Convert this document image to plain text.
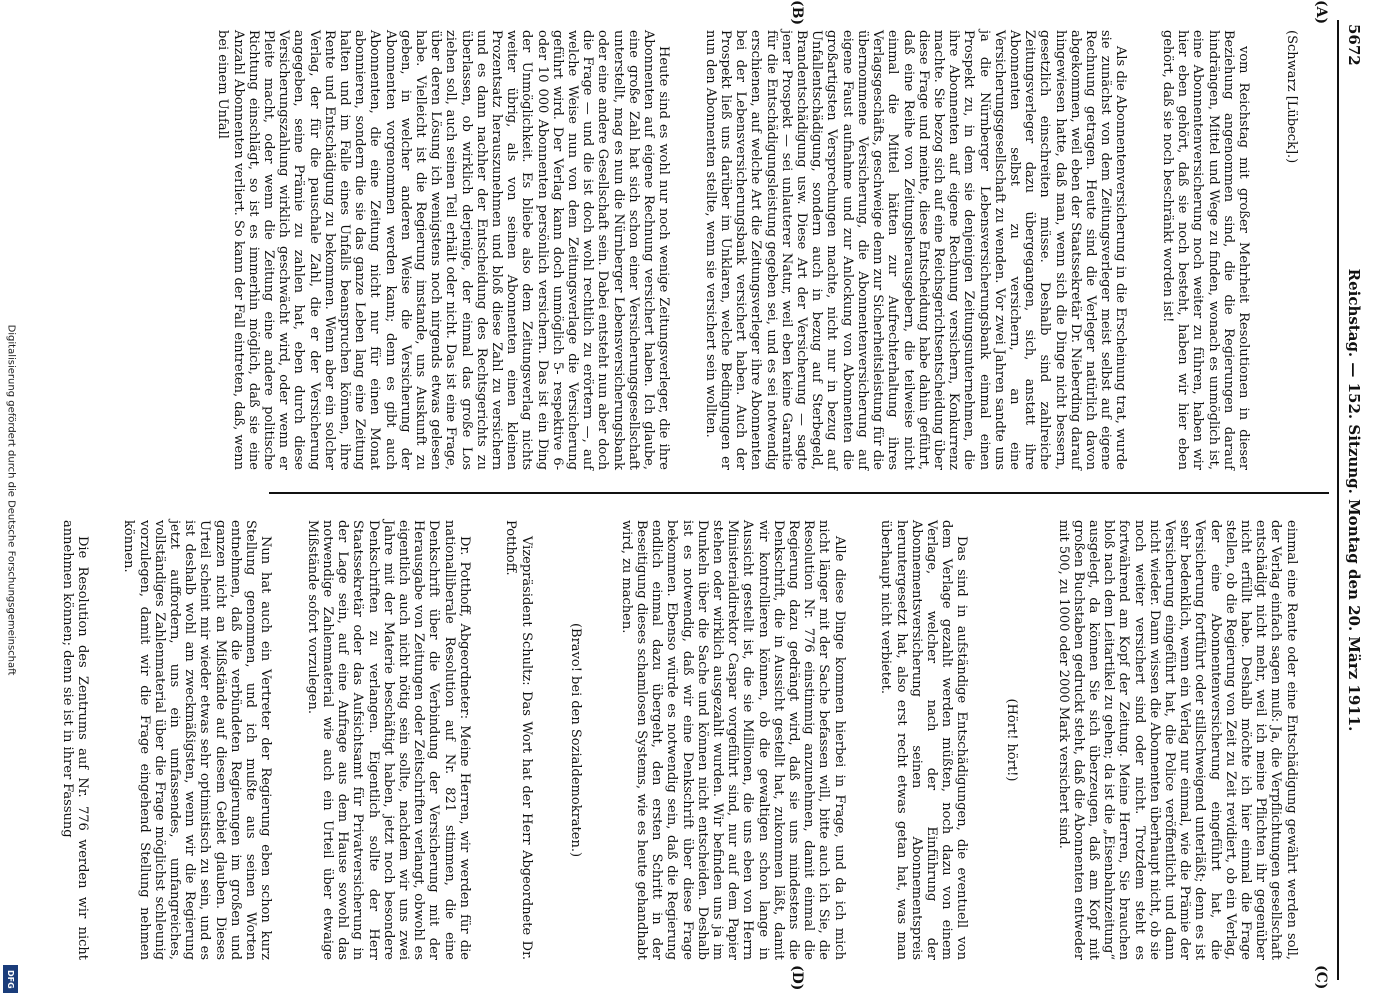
Digitalisierung gefördert durch die Deutsche Forschungsgemeinschaft
DFG
5672
Reichstag. — 152. Sitzung. Montag den 20. März 1911.
(A)
(B)
(C)
(D)

(Schwarz [Lübeck].)

vom Reichstag mit großer Mehrheit Resolutionen in dieser Beziehung angenommen sind, die die Regierungen darauf hindrängen, Mittel und Wege zu finden, wonach es unmöglich ist, eine Abonnentenversicherung noch weiter zu führen, haben wir hier eben gehört, daß sie noch besteht, haben wir hier eben gehört, daß sie noch beschränkt worden ist!

Als die Abonnentenversicherung in die Erscheinung trat, wurde sie zunächst von dem Zeitungsverleger meist selbst auf eigene Rechnung getragen. Heute sind die Verleger natürlich davon abgekommen, weil eben der Staatssekretär Dr. Nieberding darauf hingewiesen hatte, daß man, wenn sich die Dinge nicht bessern, gesetzlich einschreiten müsse. Deshalb sind zahlreiche Zeitungsverleger dazu übergegangen, sich, anstatt ihre Abonnenten selbst zu versichern, an eine Versicherungsgesellschaft zu wenden. Vor zwei Jahren sandte uns ja die Nürnberger Lebensversicherungsbank einmal einen Prospekt zu, in dem sie denjenigen Zeitungsunternehmen, die ihre Abonnenten auf eigene Rechnung versichern, Konkurrenz machte. Sie bezog sich auf eine Reichsgerichtsentscheidung über diese Frage und meinte, diese Entscheidung habe dahin geführt, daß eine Reihe von Zeitungsherausgebern, die teilweise nicht einmal die Mittel hätten zur Aufrechterhaltung ihres Verlagsgeschäfts, geschweige denn zur Sicherheitsleistung für die übernommene Versicherung, die Abonnentenversicherung auf eigene Faust aufnahme und zur Anlockung von Abonnenten die großartigsten Versprechungen machte, nicht nur in bezug auf Unfallentschädigung, sondern auch in bezug auf Sterbegeld, Brandentschädigung usw. Diese Art der Versicherung — sagte jener Prospekt — sei unlauterer Natur, weil eben keine Garantie für die Entschädigungsleistung gegeben sei, und es sei notwendig erschienen, auf welche Art die Zeitungsverleger ihre Abonnenten bei der Lebensversicherungsbank versichert haben. Auch der Prospekt ließ uns darüber im Unklaren, welche Bedingungen er nun den Abonnenten stellte, wenn sie versichert sein wollten.

Heute sind es wohl nur noch wenige Zeitungsverleger, die ihre Abonnenten auf eigene Rechnung versichert haben. Ich glaube, eine große Zahl hat sich schon einer Versicherungsgesellschaft unterstellt, mag es nun die Nürnberger Lebensversicherungsbank oder eine andere Gesellschaft sein. Dabei entsteht nun aber doch die Frage — und die ist doch wohl rechtlich zu erörtern —, auf welche Weise nun von dem Zeitungsverlage die Versicherung geführt wird. Der Verlag kann doch unmöglich 5- respektive 6- oder 10 000 Abonnenten persönlich versichern. Das ist ein Ding der Unmöglichkeit. Es bliebe also dem Zeitungsverlag nichts weiter übrig, als von seinen Abonnenten einen kleinen Prozentsatz herauszunehmen und bloß diese Zahl zu versichern und es dann nachher der Entscheidung des Rechtsgerichts zu überlassen, ob wirklich derjenige, der einmal das große Los ziehen soll, auch seinen Teil erhält oder nicht. Das ist eine Frage, über deren Lösung ich wenigstens noch nirgends etwas gelesen habe. Vielleicht ist die Regierung imstande, uns Auskunft zu geben, in welcher anderen Weise die Versicherung der Abonnenten vorgenommen werden kann; denn es gibt auch Abonnenten, die eine Zeitung nicht nur für einen Monat abonnieren, sondern die sie das ganze Leben lang eine Zeitung halten und im Falle eines Unfalls beanspruchen können, ihre Rente und Entschädigung zu bekommen. Wenn aber ein solcher Verlag, der für die pauschale Zahl, die er der Versicherung angegeben, seine Prämie zu zahlen hat, eben durch diese Versicherungszahlung wirklich geschwächt wird, oder wenn er Pleite macht, oder wenn die Zeitung eine andere politische Richtung einschlägt, so ist es immerhin möglich, daß sie eine Anzahl Abonnenten verliert. So kann der Fall eintreten, daß, wenn bei einem Unfall

einmal eine Rente oder eine Entschädigung gewährt werden soll, der Verlag einfach sagen muß: Ja, die Verpflichtungen gesellschaft entschädigt nicht mehr, weil ich meine Pflichten ihr gegenüber nicht erfüllt habe. Deshalb möchte ich hier einmal die Frage stellen, ob die Regierung von Zeit zu Zeit revidiert, ob ein Verlag, der eine Abonnentenversicherung eingeführt hat, die Versicherung fortführt oder stillschweigend unterläßt; denn es ist sehr bedenklich, wenn ein Verlag nur einmal, wie die Prämie der Versicherung eingeführt hat, die Police veröffentlicht und dann nicht wieder. Dann wissen die Abonnenten überhaupt nicht, ob sie noch weiter versichert sind oder nicht. Trotzdem steht es fortwährend am Kopf der Zeitung. Meine Herren, Sie brauchen bloß nach dem Leitartikel zu gehen; da ist die „Eisenbahnzeitung“ ausgelegt, da können Sie sich überzeugen, daß am Kopf mit großen Buchstaben gedruckt steht, daß die Abonnenten entweder mit 500, zu 1000 oder 2000 Mark versichert sind.

(Hört! hört!)

Das sind in aufständige Entschädigungen, die eventuell von dem Verlage gezahlt werden müßten, noch dazu von einem Verlage, welcher nach der Einführung der Abonnementsversicherung seinen Abonnementspreis heruntergesetzt hat, also erst recht etwas getan hat, was man überhaupt nicht verbietet.

Alle diese Dinge kommen hierbei in Frage, und da ich mich nicht länger mit der Sache befassen will, bitte auch ich Sie, die Resolution Nr. 776 einstimmig anzunehmen, damit einmal die Regierung dazu gedrängt wird, daß sie uns mindestens die Denkschrift, die in Aussicht gestellt hat, zukommen läßt, damit wir kontrollieren können, ob die gewaltigen schon lange in Aussicht gestellt ist, die sie Millionen, die uns eben von Herrn Ministerialdirektor Caspar vorgeführt sind, nur auf dem Papier stehen oder wirklich ausgezahlt wurden. Wir befinden uns ja im Dunkeln über die Sache und können nicht entscheiden. Deshalb ist es notwendig, daß wir eine Denkschrift über diese Frage bekommen. Ebenso würde es notwendig sein, daß die Regierung endlich einmal dazu übergeht, den ersten Schritt in der Beseitigung dieses schamlosen Systems, wie es heute gehandhabt wird, zu machen.

(Bravo! bei den Sozialdemokraten.)

Vizepräsident Schultz: Das Wort hat der Herr Abgeordnete Dr. Potthoff.

Dr. Potthoff, Abgeordneter: Meine Herren, wir werden für die nationalliberale Resolution auf Nr. 821 stimmen, die eine Denkschrift über die Verbindung der Versicherung mit der Herausgabe von Zeitungen oder Zeitschriften verlangt, obwohl es eigentlich auch nicht nötig sein sollte, nachdem wir uns zwei Jahre mit der Materie beschäftigt haben, jetzt noch besondere Denkschriften zu verlangen. Eigentlich sollte der Herr Staatssekretär oder das Aufsichtsamt für Privatversicherung in der Lage sein, auf eine Anfrage aus dem Hause sowohl das notwendige Zahlenmaterial wie auch ein Urteil über etwaige Mißstände sofort vorzulegen.

Nun hat auch ein Vertreter der Regierung eben schon kurz Stellung genommen, und ich mußte aus seinen Worten entnehmen, daß die verbündeten Regierungen im großen und ganzen nicht an Mißstände auf diesem Gebiet glauben. Dieses Urteil scheint mir wieder etwas sehr optimistisch zu sein, und es ist deshalb wohl am zweckmäßigsten, wenn wir die Regierung jetzt auffordern, uns ein umfassendes, umfangreiches, vollständiges Zahlenmaterial über die Frage möglichst schleunig vorzulegen, damit wir die Frage eingehend Stellung nehmen können.

Die Resolution des Zentrums auf Nr. 776 werden wir nicht annehmen können; denn sie ist in ihrer Fassung
